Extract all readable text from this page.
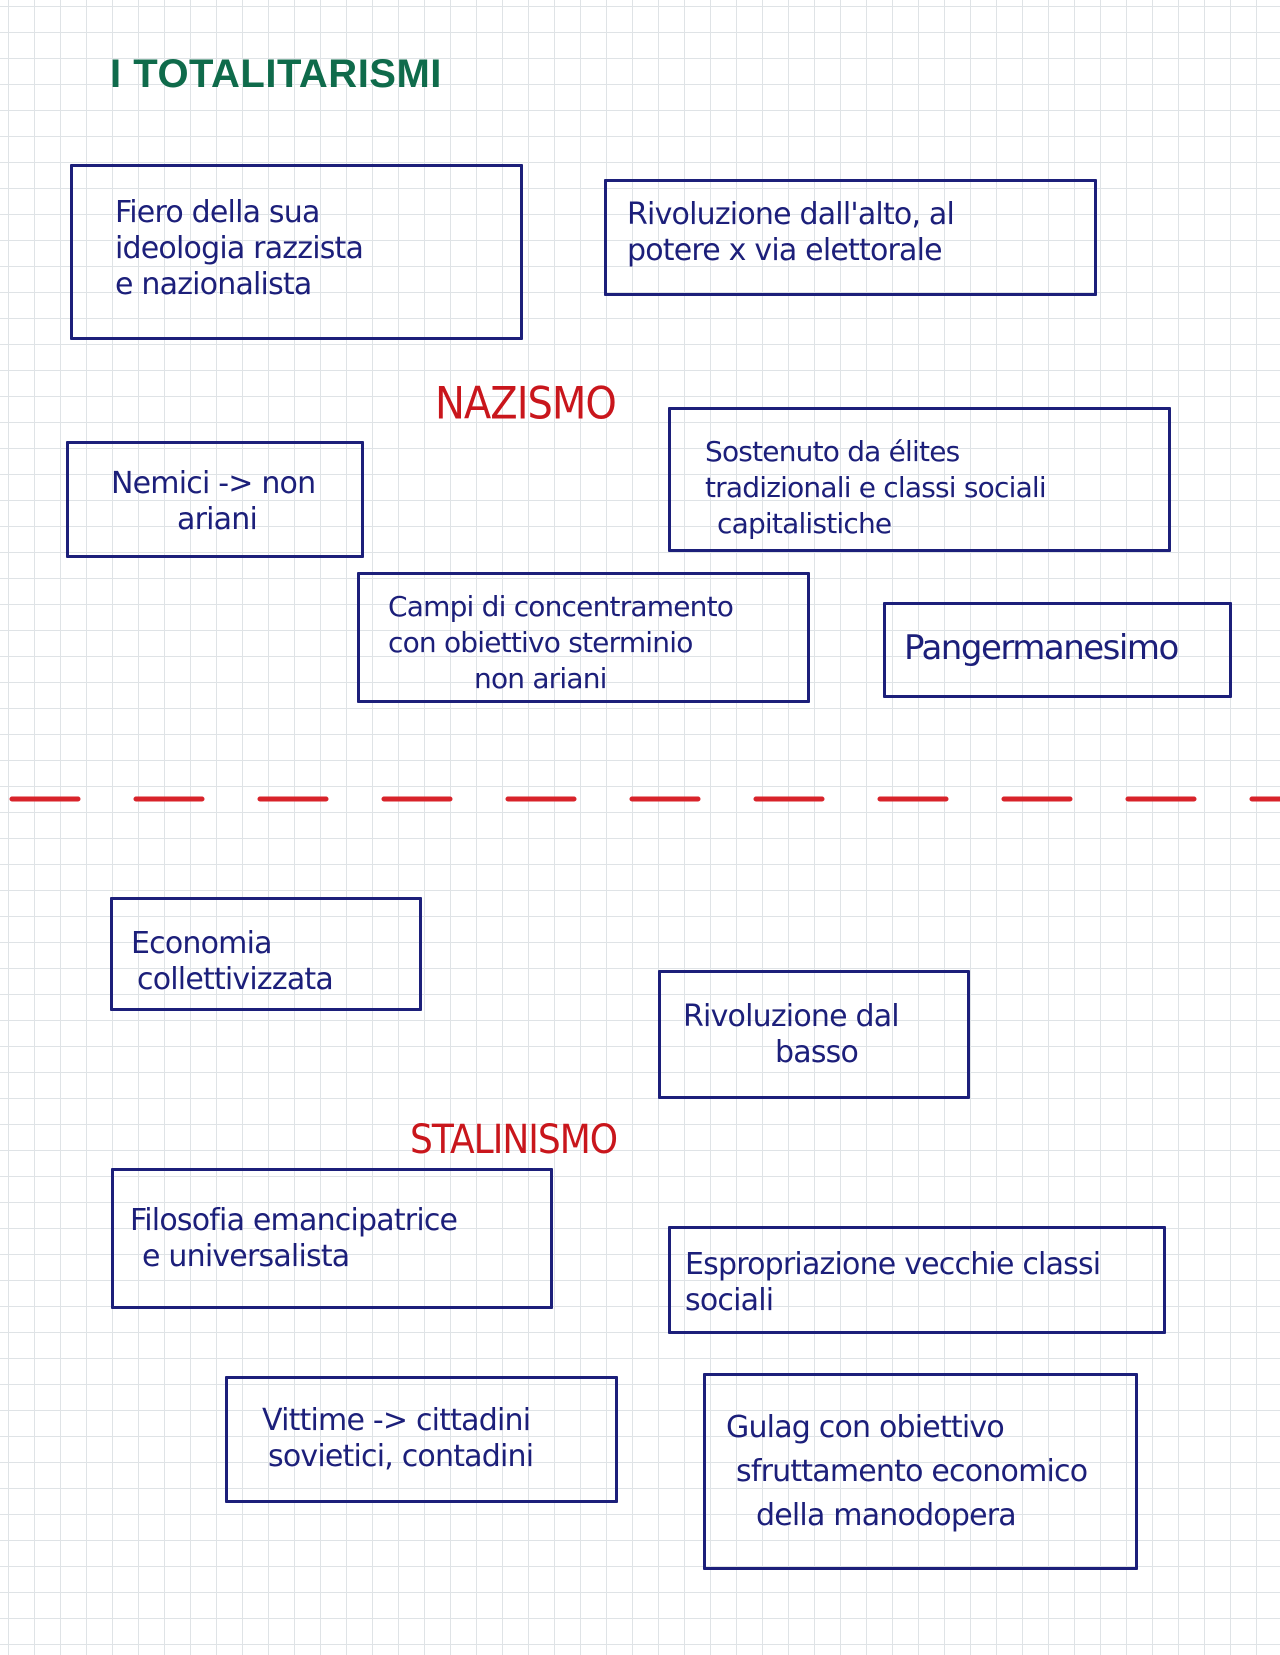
I TOTALITARISMI
NAZISMO
Fiero della sua
ideologia razzista
e nazionalista
Rivoluzione dall'alto, al
potere x via elettorale
Nemici -> non
ariani
Sostenuto da élites
tradizionali e classi sociali
capitalistiche
Campi di concentramento
con obiettivo sterminio
non ariani
Pangermanesimo
STALINISMO
Economia
collettivizzata
Rivoluzione dal
basso
Filosofia emancipatrice
e universalista	Espropriazione vecchie classi
sociali
Vittime -> cittadini
sovietici, contadini
Gulag con obiettivo
sfruttamento economico
della manodopera
